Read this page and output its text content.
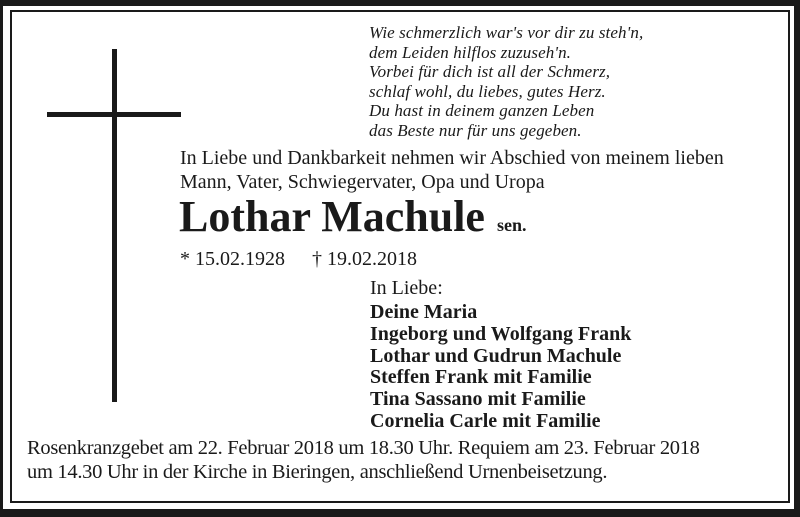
Wie schmerzlich war's vor dir zu steh'n,
dem Leiden hilflos zuzuseh'n.
Vorbei für dich ist all der Schmerz,
schlaf wohl, du liebes, gutes Herz.
Du hast in deinem ganzen Leben
das Beste nur für uns gegeben.
In Liebe und Dankbarkeit nehmen wir Abschied von meinem lieben
Mann, Vater, Schwiegervater, Opa und Uropa
Lothar Machule sen.
* 15.02.1928 † 19.02.2018
In Liebe:
Deine Maria
Ingeborg und Wolfgang Frank
Lothar und Gudrun Machule
Steffen Frank mit Familie
Tina Sassano mit Familie
Cornelia Carle mit Familie
Rosenkranzgebet am 22. Februar 2018 um 18.30 Uhr. Requiem am 23. Februar 2018
um 14.30 Uhr in der Kirche in Bieringen, anschließend Urnenbeisetzung.
